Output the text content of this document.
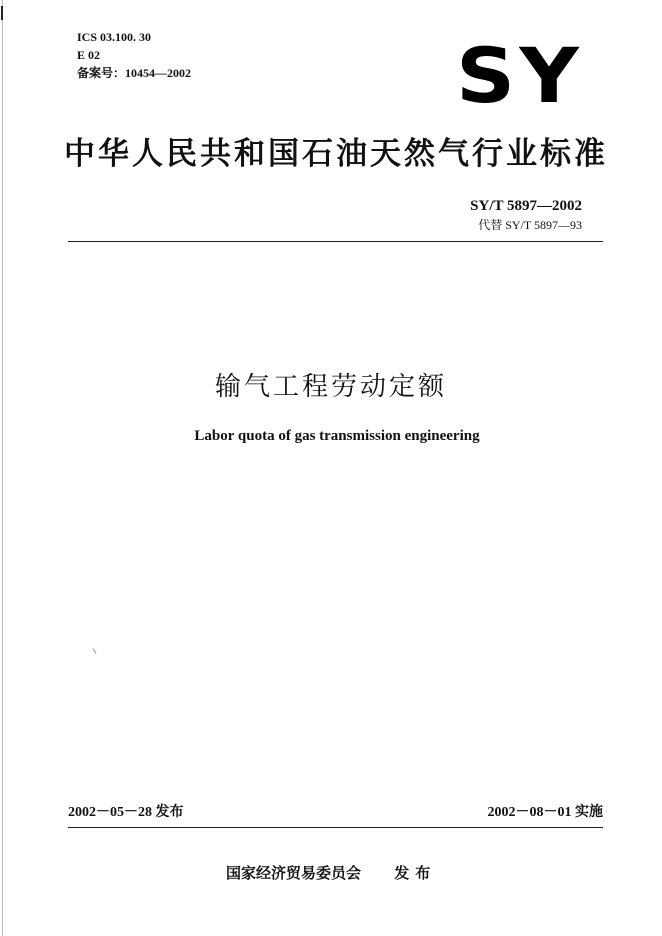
ICS 03.100. 30
E 02
备案号：10454—2002	SY
中华人民共和国石油天然气行业标准
SY/T 5897—2002
代替 SY/T 5897—93
输气工程劳动定额
Labor quota of gas transmission engineering
2002－05－28 发布	2002－08－01 实施
国家经济贸易委员会 发布
